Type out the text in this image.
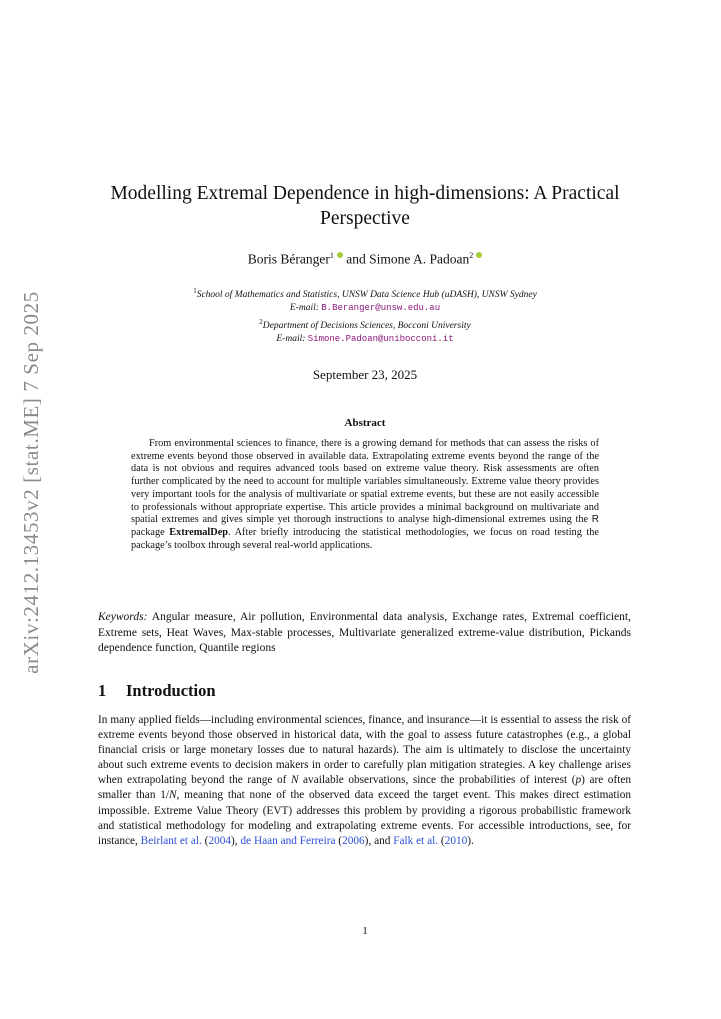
arXiv:2412.13453v2 [stat.ME] 7 Sep 2025
Modelling Extremal Dependence in high-dimensions: A Practical Perspective
Boris Béranger$^1$ and Simone A. Padoan$^2$
$^1$School of Mathematics and Statistics, UNSW Data Science Hub (uDASH), UNSW Sydney
E-mail: B.Beranger@unsw.edu.au
$^2$Department of Decisions Sciences, Bocconi University
E-mail: Simone.Padoan@unibocconi.it
September 23, 2025
Abstract
From environmental sciences to finance, there is a growing demand for methods that can assess the risks of extreme events beyond those observed in available data. Extrapolating extreme events beyond the range of the data is not obvious and requires advanced tools based on extreme value theory. Risk assessments are often further complicated by the need to account for multiple variables simultaneously. Extreme value theory provides very important tools for the analysis of multivariate or spatial extreme events, but these are not easily accessible to professionals without appropriate expertise. This article provides a minimal background on multivariate and spatial extremes and gives simple yet thorough instructions to analyse high-dimensional extremes using the R package ExtremalDep. After briefly introducing the statistical methodologies, we focus on road testing the package’s toolbox through several real-world applications.
Keywords: Angular measure, Air pollution, Environmental data analysis, Exchange rates, Extremal coefficient, Extreme sets, Heat Waves, Max-stable processes, Multivariate generalized extreme-value distribution, Pickands dependence function, Quantile regions
1 Introduction
In many applied fields—including environmental sciences, finance, and insurance—it is essential to assess the risk of extreme events beyond those observed in historical data, with the goal to assess future catastrophes (e.g., a global financial crisis or large monetary losses due to natural hazards). The aim is ultimately to disclose the uncertainty about such extreme events to decision makers in order to carefully plan mitigation strategies. A key challenge arises when extrapolating beyond the range of N available observations, since the probabilities of interest (p) are often smaller than 1/N, meaning that none of the observed data exceed the target event. This makes direct estimation impossible. Extreme Value Theory (EVT) addresses this problem by providing a rigorous probabilistic framework and statistical methodology for modeling and extrapolating extreme events. For accessible introductions, see, for instance, Beirlant et al. (2004), de Haan and Ferreira (2006), and Falk et al. (2010).
1
